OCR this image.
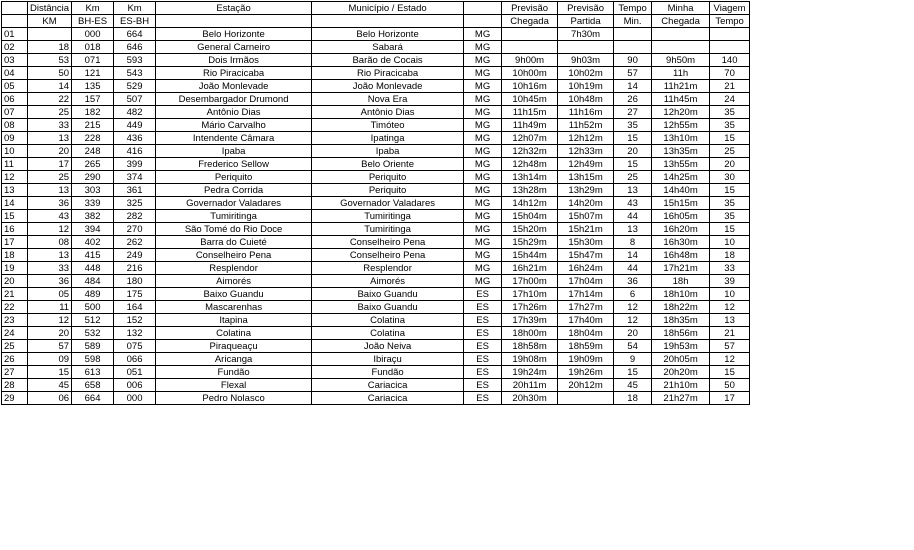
	Distância	Km	Km	Estação	Município / Estado		Previsão	Previsão	Tempo	Minha	Viagem
	KM	BH-ES	ES-BH				Chegada	Partida	Min.	Chegada	Tempo
01		000	664	Belo Horizonte	Belo Horizonte	MG		7h30m			
02	18	018	646	General Carneiro	Sabará	MG					
03	53	071	593	Dois Irmãos	Barão de Cocais	MG	9h00m	9h03m	90	9h50m	140
04	50	121	543	Rio Piracicaba	Rio Piracicaba	MG	10h00m	10h02m	57	11h	70
05	14	135	529	João Monlevade	João Monlevade	MG	10h16m	10h19m	14	11h21m	21
06	22	157	507	Desembargador Drumond	Nova Era	MG	10h45m	10h48m	26	11h45m	24
07	25	182	482	Antônio Dias	Antônio Dias	MG	11h15m	11h16m	27	12h20m	35
08	33	215	449	Mário Carvalho	Timóteo	MG	11h49m	11h52m	35	12h55m	35
09	13	228	436	Intendente Câmara	Ipatinga	MG	12h07m	12h12m	15	13h10m	15
10	20	248	416	Ipaba	Ipaba	MG	12h32m	12h33m	20	13h35m	25
11	17	265	399	Frederico Sellow	Belo Oriente	MG	12h48m	12h49m	15	13h55m	20
12	25	290	374	Periquito	Periquito	MG	13h14m	13h15m	25	14h25m	30
13	13	303	361	Pedra Corrida	Periquito	MG	13h28m	13h29m	13	14h40m	15
14	36	339	325	Governador Valadares	Governador Valadares	MG	14h12m	14h20m	43	15h15m	35
15	43	382	282	Tumiritinga	Tumiritinga	MG	15h04m	15h07m	44	16h05m	35
16	12	394	270	São Tomé do Rio Doce	Tumiritinga	MG	15h20m	15h21m	13	16h20m	15
17	08	402	262	Barra do Cuieté	Conselheiro Pena	MG	15h29m	15h30m	8	16h30m	10
18	13	415	249	Conselheiro Pena	Conselheiro Pena	MG	15h44m	15h47m	14	16h48m	18
19	33	448	216	Resplendor	Resplendor	MG	16h21m	16h24m	44	17h21m	33
20	36	484	180	Aimorés	Aimorés	MG	17h00m	17h04m	36	18h	39
21	05	489	175	Baixo Guandu	Baixo Guandu	ES	17h10m	17h14m	6	18h10m	10
22	11	500	164	Mascarenhas	Baixo Guandu	ES	17h26m	17h27m	12	18h22m	12
23	12	512	152	Itapina	Colatina	ES	17h39m	17h40m	12	18h35m	13
24	20	532	132	Colatina	Colatina	ES	18h00m	18h04m	20	18h56m	21
25	57	589	075	Piraqueaçu	João Neiva	ES	18h58m	18h59m	54	19h53m	57
26	09	598	066	Aricanga	Ibiraçu	ES	19h08m	19h09m	9	20h05m	12
27	15	613	051	Fundão	Fundão	ES	19h24m	19h26m	15	20h20m	15
28	45	658	006	Flexal	Cariacica	ES	20h11m	20h12m	45	21h10m	50
29	06	664	000	Pedro Nolasco	Cariacica	ES	20h30m		18	21h27m	17
